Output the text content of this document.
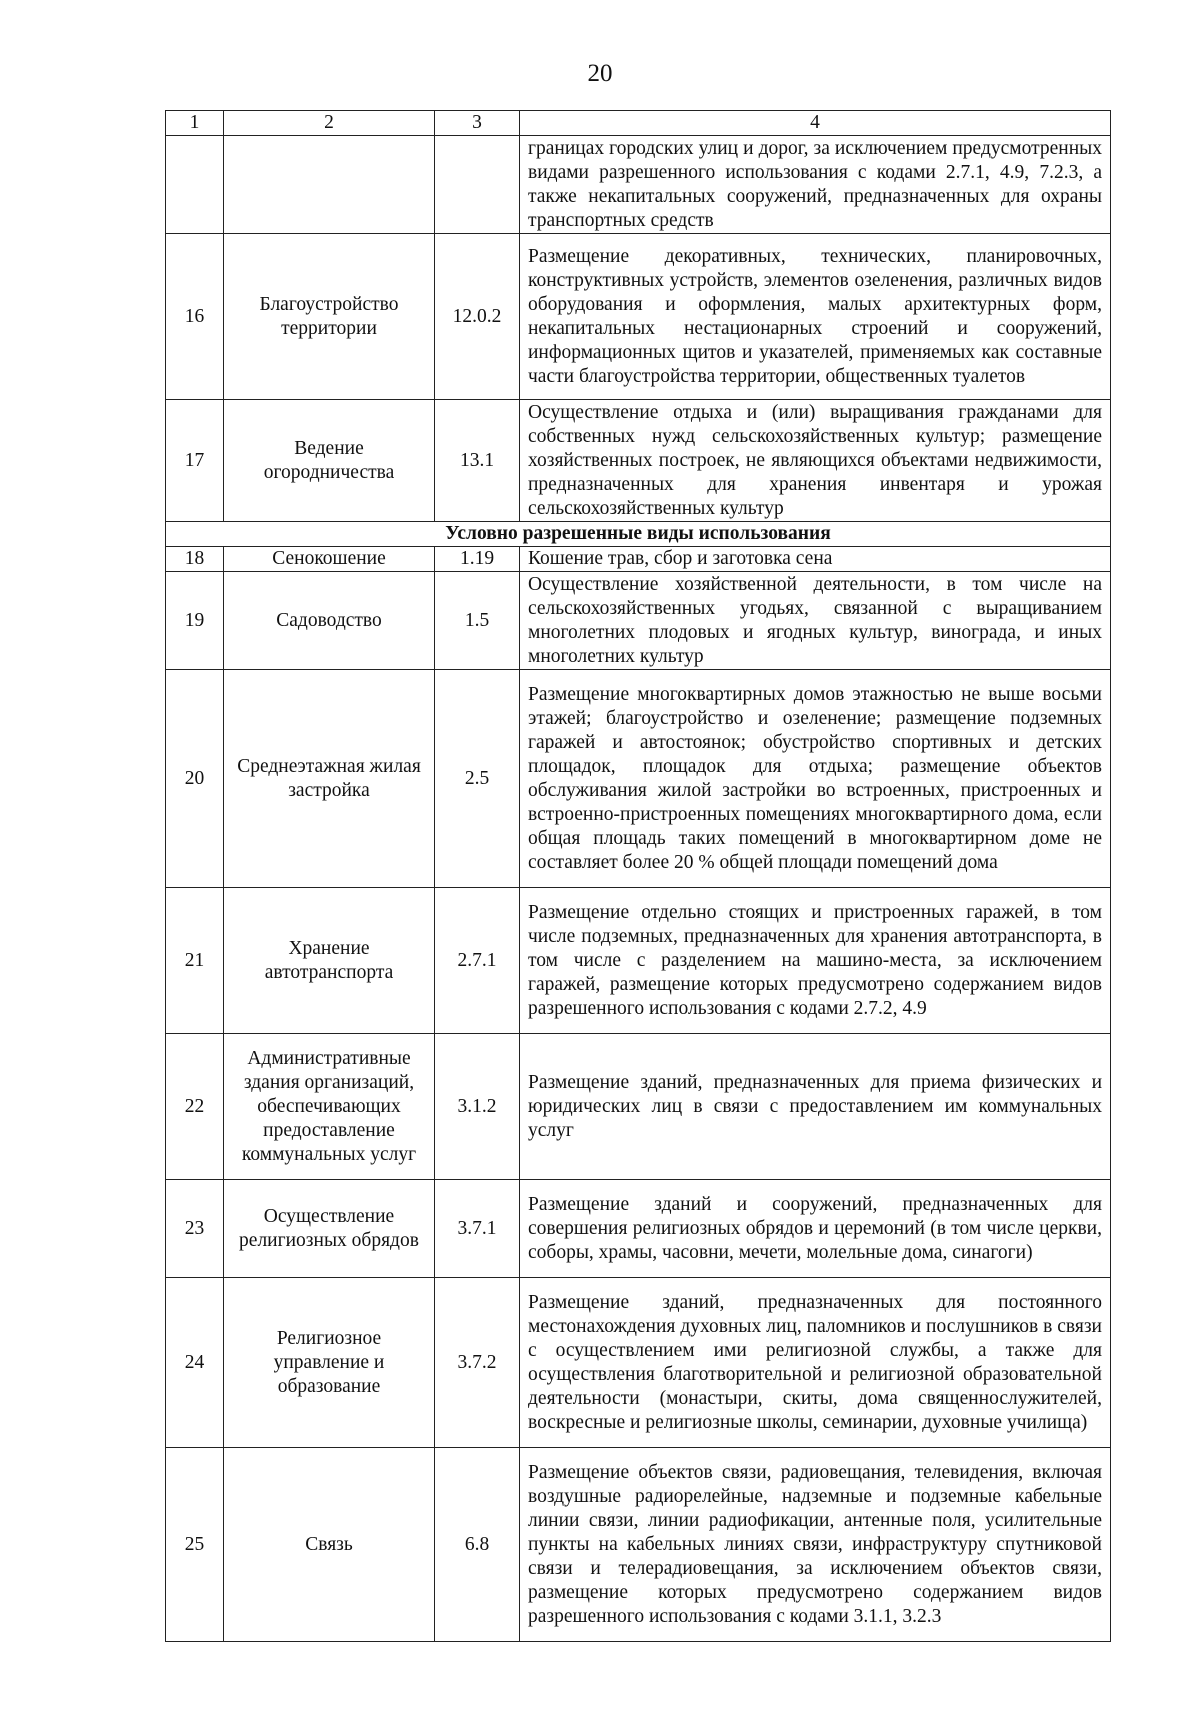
20
1	2	3	4
			границах городских улиц и дорог, за исключением предусмотренных видами разрешенного использования с кодами 2.7.1, 4.9, 7.2.3, а также некапитальных сооружений, предназначенных для охраны транспортных средств
16	Благоустройство территории	12.0.2	Размещение декоративных, технических, планировочных, конструктивных устройств, элементов озеленения, различных видов оборудования и оформления, малых архитектурных форм, некапитальных нестационарных строений и сооружений, информационных щитов и указателей, применяемых как составные части благоустройства территории, общественных туалетов
17	Ведение огородничества	13.1	Осуществление отдыха и (или) выращивания гражданами для собственных нужд сельскохозяйственных культур; размещение хозяйственных построек, не являющихся объектами недвижимости, предназначенных для хранения инвентаря и урожая сельскохозяйственных культур
Условно разрешенные виды использования			
18	Сенокошение	1.19	Кошение трав, сбор и заготовка сена
19	Садоводство	1.5	Осуществление хозяйственной деятельности, в том числе на сельскохозяйственных угодьях, связанной с выращиванием многолетних плодовых и ягодных культур, винограда, и иных многолетних культур
20	Среднеэтажная жилая застройка	2.5	Размещение многоквартирных домов этажностью не выше восьми этажей; благоустройство и озеленение; размещение подземных гаражей и автостоянок; обустройство спортивных и детских площадок, площадок для отдыха; размещение объектов обслуживания жилой застройки во встроенных, пристроенных и встроенно-пристроенных помещениях многоквартирного дома, если общая площадь таких помещений в многоквартирном доме не составляет более 20 % общей площади помещений дома
21	Хранение автотранспорта	2.7.1	Размещение отдельно стоящих и пристроенных гаражей, в том числе подземных, предназначенных для хранения автотранспорта, в том числе с разделением на машино-места, за исключением гаражей, размещение которых предусмотрено содержанием видов разрешенного использования с кодами 2.7.2, 4.9
22	Административные здания организаций, обеспечивающих предоставление коммунальных услуг	3.1.2	Размещение зданий, предназначенных для приема физических и юридических лиц в связи с предоставлением им коммунальных услуг
23	Осуществление религиозных обрядов	3.7.1	Размещение зданий и сооружений, предназначенных для совершения религиозных обрядов и церемоний (в том числе церкви, соборы, храмы, часовни, мечети, молельные дома, синагоги)
24	Религиозное управление и образование	3.7.2	Размещение зданий, предназначенных для постоянного местонахождения духовных лиц, паломников и послушников в связи с осуществлением ими религиозной службы, а также для осуществления благотворительной и религиозной образовательной деятельности (монастыри, скиты, дома священнослужителей, воскресные и религиозные школы, семинарии, духовные училища)
25	Связь	6.8	Размещение объектов связи, радиовещания, телевидения, включая воздушные радиорелейные, надземные и подземные кабельные линии связи, линии радиофикации, антенные поля, усилительные пункты на кабельных линиях связи, инфраструктуру спутниковой связи и телерадиовещания, за исключением объектов связи, размещение которых предусмотрено содержанием видов разрешенного использования с кодами 3.1.1, 3.2.3
